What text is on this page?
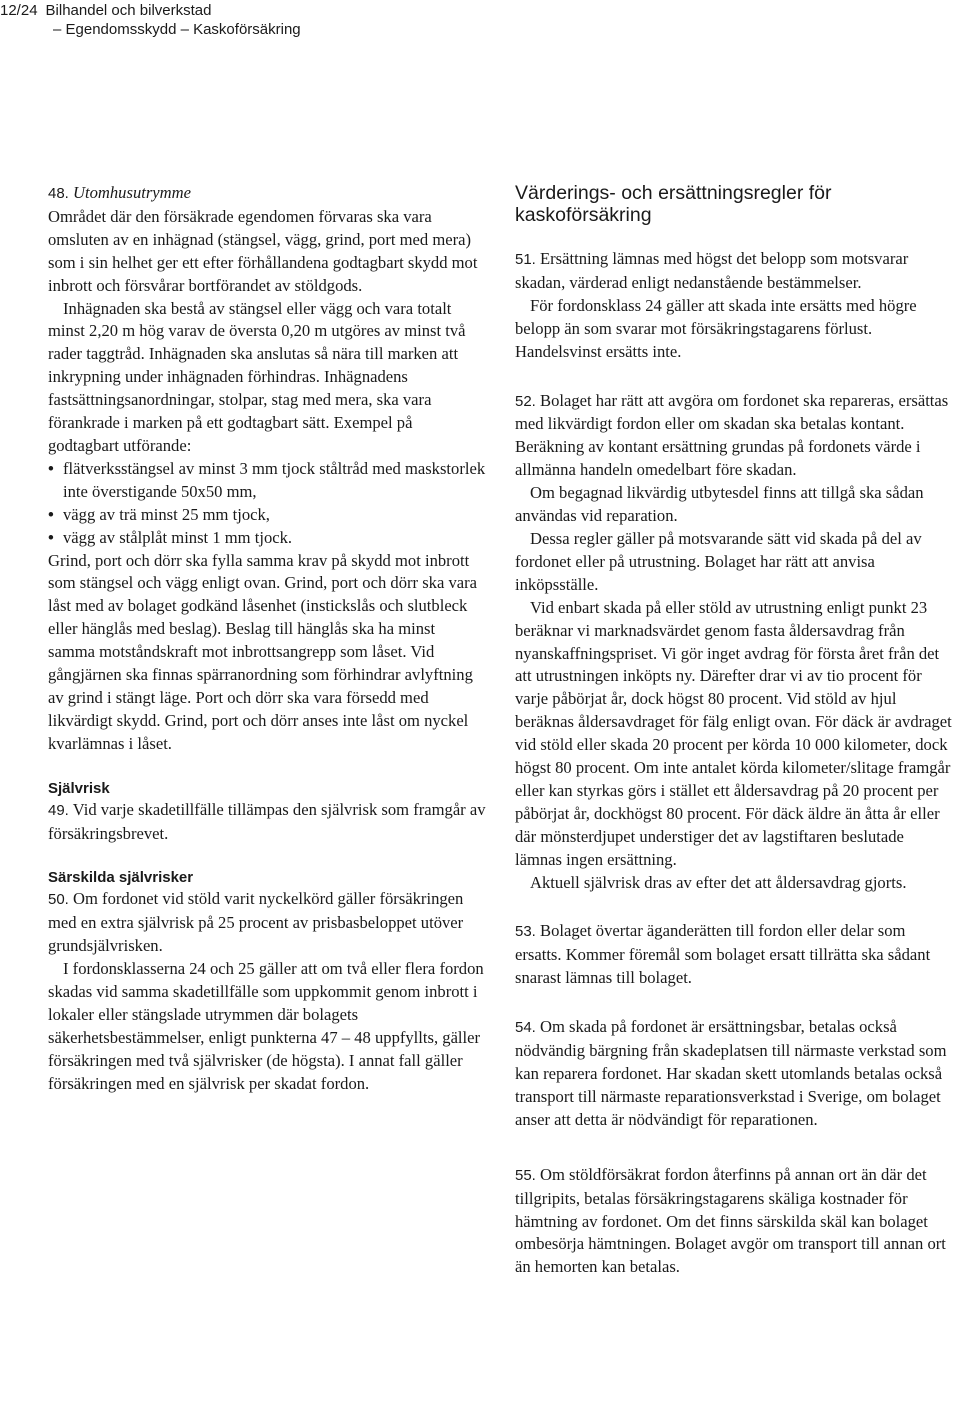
12/24 Bilhandel och bilverkstad
– Egendomsskydd – Kaskoförsäkring

48. Utomhusutrymme

Området där den försäkrade egendomen förvaras ska vara omsluten av en inhägnad (stängsel, vägg, grind, port med mera) som i sin helhet ger ett efter förhållandena godtagbart skydd mot inbrott och försvårar bortförandet av stöldgods.

Inhägnaden ska bestå av stängsel eller vägg och vara totalt minst 2,20 m hög varav de översta 0,20 m utgöres av minst två rader taggtråd. Inhägnaden ska anslutas så nära till marken att inkrypning under inhägnaden förhindras. Inhägnadens fastsättningsanordningar, stolpar, stag med mera, ska vara förankrade i marken på ett godtagbart sätt. Exempel på godtagbart utförande:

• flätverksstängsel av minst 3 mm tjock ståltråd med maskstorlek inte överstigande 50x50 mm,
• vägg av trä minst 25 mm tjock,
• vägg av stålplåt minst 1 mm tjock.

Grind, port och dörr ska fylla samma krav på skydd mot inbrott som stängsel och vägg enligt ovan. Grind, port och dörr ska vara låst med av bolaget godkänd låsenhet (instickslås och slutbleck eller hänglås med beslag). Beslag till hänglås ska ha minst samma motståndskraft mot inbrottsangrepp som låset. Vid gångjärnen ska finnas spärranordning som förhindrar avlyftning av grind i stängt läge. Port och dörr ska vara försedd med likvärdigt skydd. Grind, port och dörr anses inte låst om nyckel kvarlämnas i låset.

Självrisk

49. Vid varje skadetillfälle tillämpas den självrisk som framgår av försäkringsbrevet.

Särskilda självrisker

50. Om fordonet vid stöld varit nyckelkörd gäller försäkringen med en extra självrisk på 25 procent av prisbasbeloppet utöver grundsjälvrisken.

I fordonsklasserna 24 och 25 gäller att om två eller flera fordon skadas vid samma skadetillfälle som uppkommit genom inbrott i lokaler eller stängslade utrymmen där bolagets säkerhetsbestämmelser, enligt punkterna 47 – 48 uppfyllts, gäller försäkringen med två självrisker (de högsta). I annat fall gäller försäkringen med en självrisk per skadat fordon.

Värderings- och ersättningsregler för kaskoförsäkring

51. Ersättning lämnas med högst det belopp som motsvarar skadan, värderad enligt nedanstående bestämmelser.

För fordonsklass 24 gäller att skada inte ersätts med högre belopp än som svarar mot försäkringstagarens förlust. Handelsvinst ersätts inte.

52. Bolaget har rätt att avgöra om fordonet ska repareras, ersättas med likvärdigt fordon eller om skadan ska betalas kontant. Beräkning av kontant ersättning grundas på fordonets värde i allmänna handeln omedelbart före skadan.

Om begagnad likvärdig utbytesdel finns att tillgå ska sådan användas vid reparation.

Dessa regler gäller på motsvarande sätt vid skada på del av fordonet eller på utrustning. Bolaget har rätt att anvisa inköpsställe.

Vid enbart skada på eller stöld av utrustning enligt punkt 23 beräknar vi marknadsvärdet genom fasta åldersavdrag från nyanskaffningspriset. Vi gör inget avdrag för första året från det att utrustningen inköpts ny. Därefter drar vi av tio procent för varje påbörjat år, dock högst 80 procent. Vid stöld av hjul beräknas åldersavdraget för fälg enligt ovan. För däck är avdraget vid stöld eller skada 20 procent per körda 10 000 kilometer, dock högst 80 procent. Om inte antalet körda kilometer/slitage framgår eller kan styrkas görs i stället ett åldersavdrag på 20 procent per påbörjat år, dockhögst 80 procent. För däck äldre än åtta år eller där mönsterdjupet understiger det av lagstiftaren beslutade lämnas ingen ersättning.

Aktuell självrisk dras av efter det att åldersavdrag gjorts.

53. Bolaget övertar äganderätten till fordon eller delar som ersatts. Kommer föremål som bolaget ersatt tillrätta ska sådant snarast lämnas till bolaget.

54. Om skada på fordonet är ersättningsbar, betalas också nödvändig bärgning från skadeplatsen till närmaste verkstad som kan reparera fordonet. Har skadan skett utomlands betalas också transport till närmaste reparationsverkstad i Sverige, om bolaget anser att detta är nödvändigt för reparationen.

55. Om stöldförsäkrat fordon återfinns på annan ort än där det tillgripits, betalas försäkringstagarens skäliga kostnader för hämtning av fordonet. Om det finns särskilda skäl kan bolaget ombesörja hämtningen. Bolaget avgör om transport till annan ort än hemorten kan betalas.
